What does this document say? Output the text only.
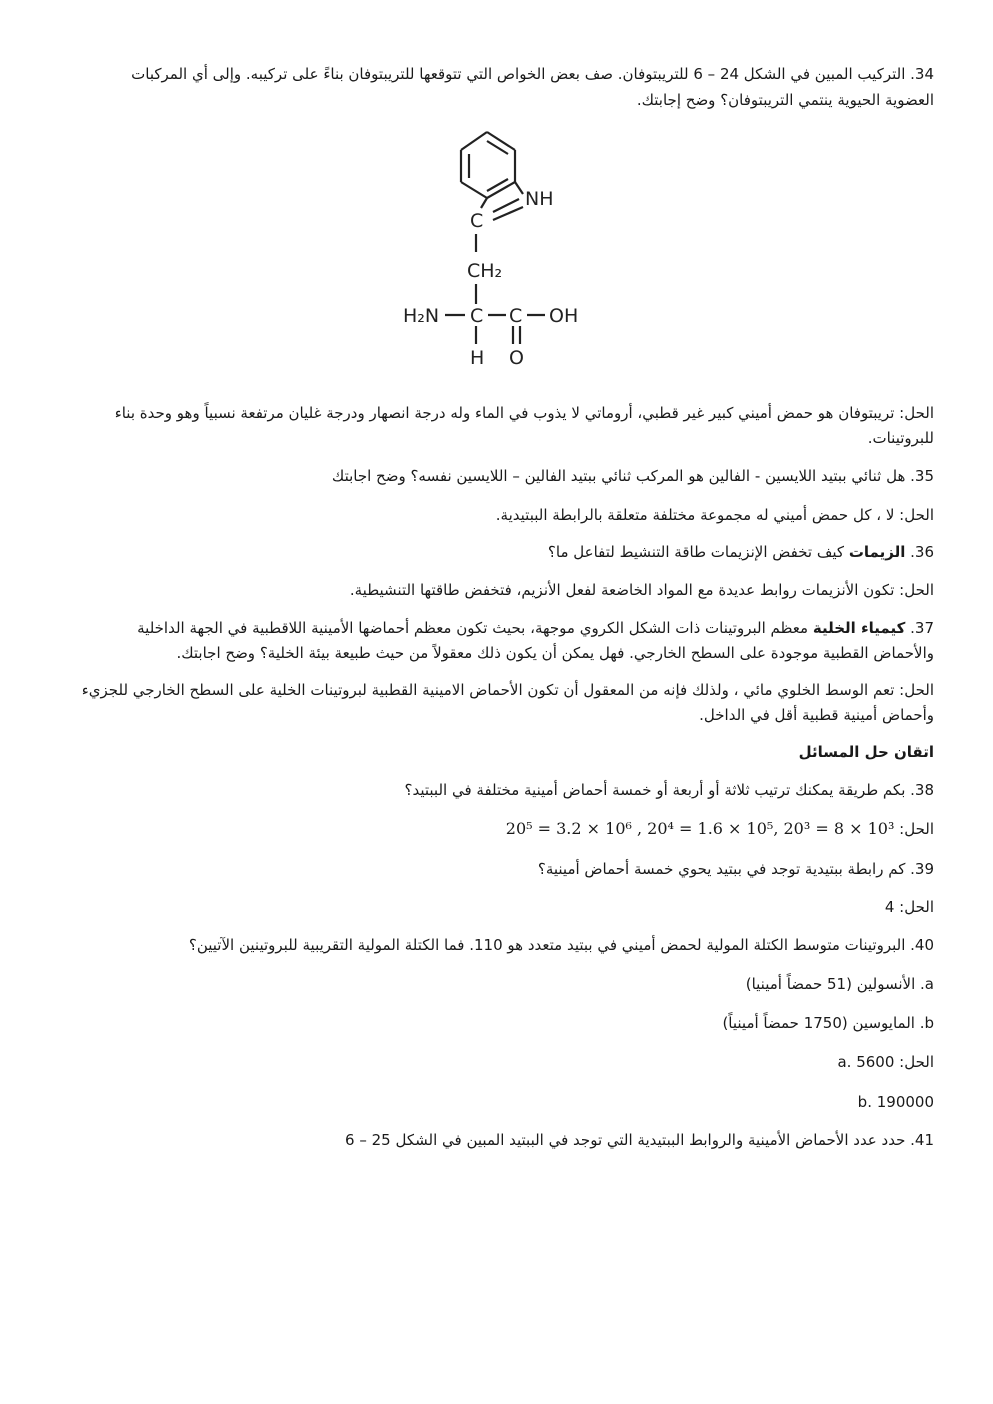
34. التركيب المبين في الشكل 24 – 6 للتريبتوفان. صف بعض الخواص التي تتوقعها للتريبتوفان بناءً على تركيبه. وإلى أي المركبات

العضوية الحيوية ينتمي التريبتوفان؟ وضح إجابتك.

NH
C
CH₂
H₂N C C OH
H O

الحل: تريبتوفان هو حمض أميني كبير غير قطبي، أروماتي لا يذوب في الماء وله درجة انصهار ودرجة غليان مرتفعة نسبياً وهو وحدة بناء للبروتينات.

35. هل ثنائي ببتيد اللايسين - الفالين هو المركب ثنائي ببتيد الفالين – اللايسين نفسه؟ وضح اجابتك

الحل: لا ، كل حمض أميني له مجموعة مختلفة متعلقة بالرابطة الببتيدية.

36. الزيمات كيف تخفض الإنزيمات طاقة التنشيط لتفاعل ما؟

الحل: تكون الأنزيمات روابط عديدة مع المواد الخاضعة لفعل الأنزيم، فتخفض طاقتها التنشيطية.

37. كيمياء الخلية معظم البروتينات ذات الشكل الكروي موجهة، بحيث تكون معظم أحماضها الأمينية اللاقطبية في الجهة الداخلية والأحماض القطبية موجودة على السطح الخارجي. فهل يمكن أن يكون ذلك معقولاً من حيث طبيعة بيئة الخلية؟ وضح اجابتك.

الحل: تعم الوسط الخلوي مائي ، ولذلك فإنه من المعقول أن تكون الأحماض الامينية القطبية لبروتينات الخلية على السطح الخارجي للجزيء وأحماض أمينية قطبية أقل في الداخل.

اتقان حل المسائل

38. بكم طريقة يمكنك ترتيب ثلاثة أو أربعة أو خمسة أحماض أمينية مختلفة في الببتيد؟

الحل: 20⁵ = 3.2 × 10⁶ , 20⁴ = 1.6 × 10⁵, 20³ = 8 × 10³

39. كم رابطة ببتيدية توجد في ببتيد يحوي خمسة أحماض أمينية؟

الحل: 4

40. البروتينات متوسط الكتلة المولية لحمض أميني في ببتيد متعدد هو 110. فما الكتلة المولية التقريبية للبروتينين الآتيين؟

a. الأنسولين (51 حمضاً أمينيا)

b. المايوسين (1750 حمضاً أمينياً)

الحل: a. 5600

b. 190000

41. حدد عدد الأحماض الأمينية والروابط الببتيدية التي توجد في الببتيد المبين في الشكل 25 – 6
